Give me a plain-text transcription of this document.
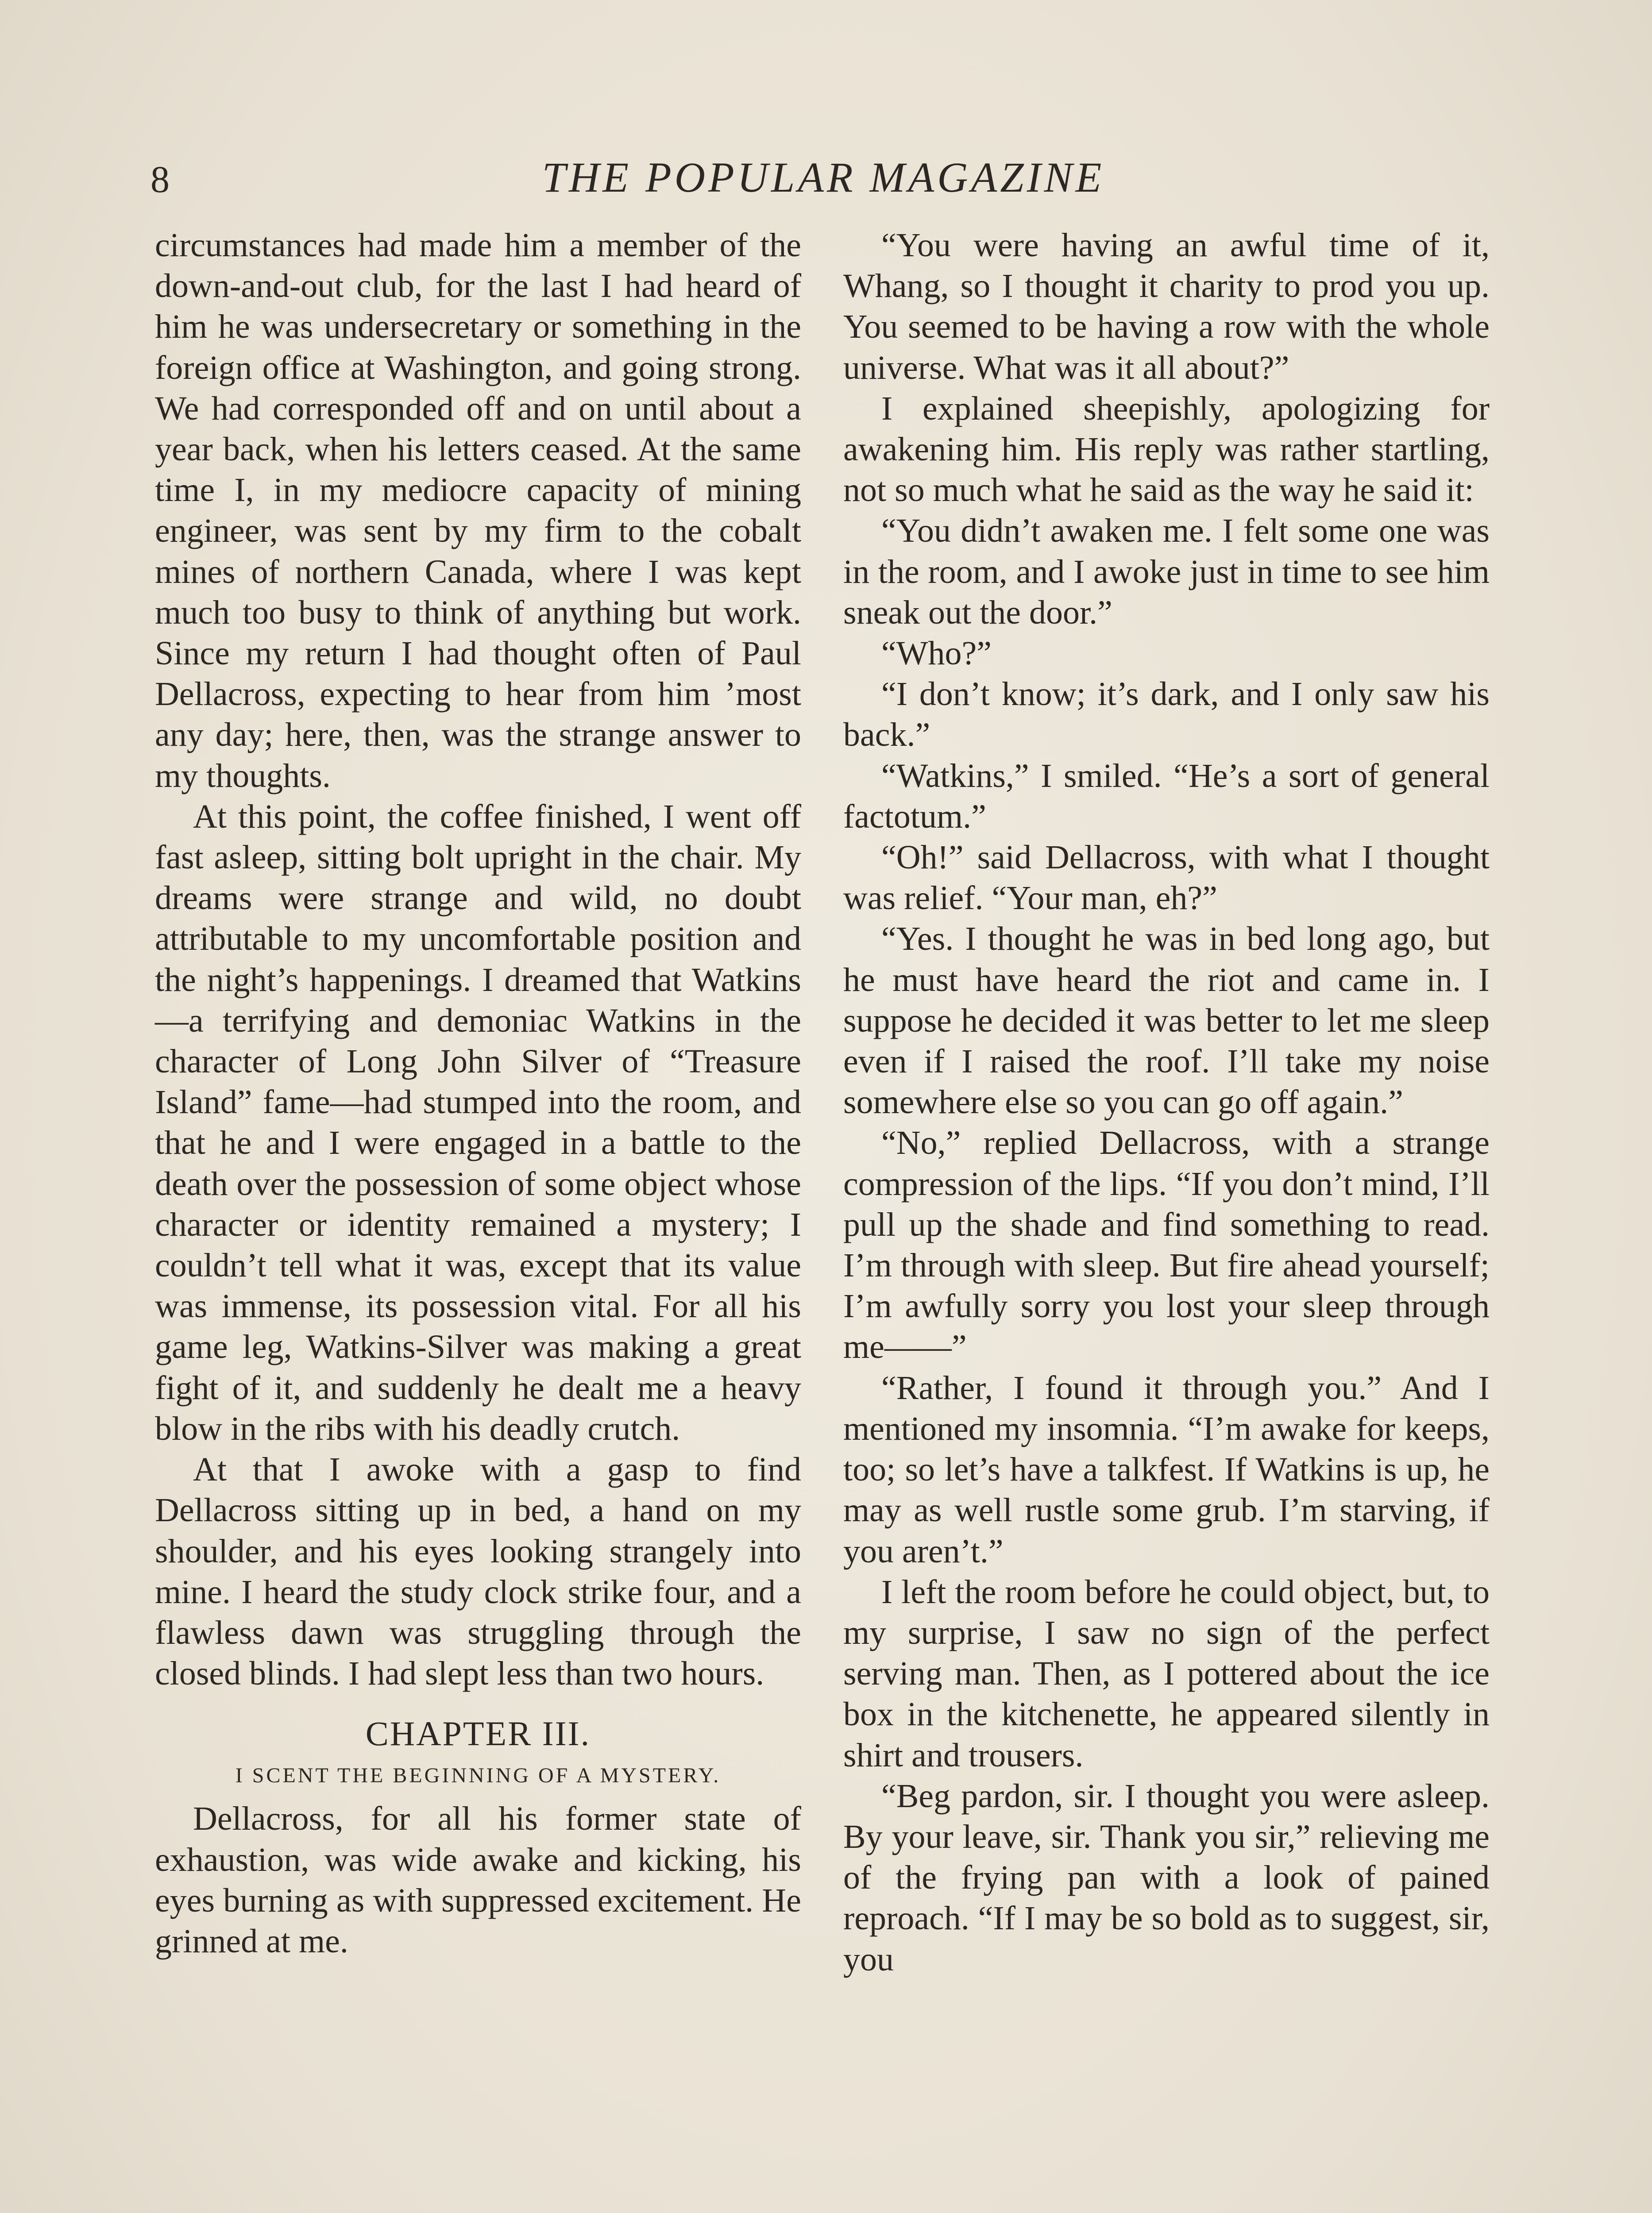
8	THE POPULAR MAGAZINE

circumstances had made him a member of the down-and-out club, for the last I had heard of him he was undersecretary or something in the foreign office at Washington, and going strong. We had corresponded off and on until about a year back, when his letters ceased. At the same time I, in my mediocre capacity of mining engineer, was sent by my firm to the cobalt mines of northern Canada, where I was kept much too busy to think of anything but work. Since my return I had thought often of Paul Dellacross, expecting to hear from him ’most any day; here, then, was the strange answer to my thoughts.

At this point, the coffee finished, I went off fast asleep, sitting bolt upright in the chair. My dreams were strange and wild, no doubt attributable to my uncomfortable position and the night’s happenings. I dreamed that Watkins—a terrifying and demoniac Watkins in the character of Long John Silver of “Treasure Island” fame—had stumped into the room, and that he and I were engaged in a battle to the death over the possession of some object whose character or identity remained a mystery; I couldn’t tell what it was, except that its value was immense, its possession vital. For all his game leg, Watkins-Silver was making a great fight of it, and suddenly he dealt me a heavy blow in the ribs with his deadly crutch.

At that I awoke with a gasp to find Dellacross sitting up in bed, a hand on my shoulder, and his eyes looking strangely into mine. I heard the study clock strike four, and a flawless dawn was struggling through the closed blinds. I had slept less than two hours.

CHAPTER III.
I SCENT THE BEGINNING OF A MYSTERY.

Dellacross, for all his former state of exhaustion, was wide awake and kicking, his eyes burning as with suppressed excitement. He grinned at me.

“You were having an awful time of it, Whang, so I thought it charity to prod you up. You seemed to be having a row with the whole universe. What was it all about?”

I explained sheepishly, apologizing for awakening him. His reply was rather startling, not so much what he said as the way he said it:

“You didn’t awaken me. I felt some one was in the room, and I awoke just in time to see him sneak out the door.”

“Who?”

“I don’t know; it’s dark, and I only saw his back.”

“Watkins,” I smiled. “He’s a sort of general factotum.”

“Oh!” said Dellacross, with what I thought was relief. “Your man, eh?”

“Yes. I thought he was in bed long ago, but he must have heard the riot and came in. I suppose he decided it was better to let me sleep even if I raised the roof. I’ll take my noise somewhere else so you can go off again.”

“No,” replied Dellacross, with a strange compression of the lips. “If you don’t mind, I’ll pull up the shade and find something to read. I’m through with sleep. But fire ahead yourself; I’m awfully sorry you lost your sleep through me——”

“Rather, I found it through you.” And I mentioned my insomnia. “I’m awake for keeps, too; so let’s have a talkfest. If Watkins is up, he may as well rustle some grub. I’m starving, if you aren’t.”

I left the room before he could object, but, to my surprise, I saw no sign of the perfect serving man. Then, as I pottered about the ice box in the kitchenette, he appeared silently in shirt and trousers.

“Beg pardon, sir. I thought you were asleep. By your leave, sir. Thank you sir,” relieving me of the frying pan with a look of pained reproach. “If I may be so bold as to suggest, sir, you
